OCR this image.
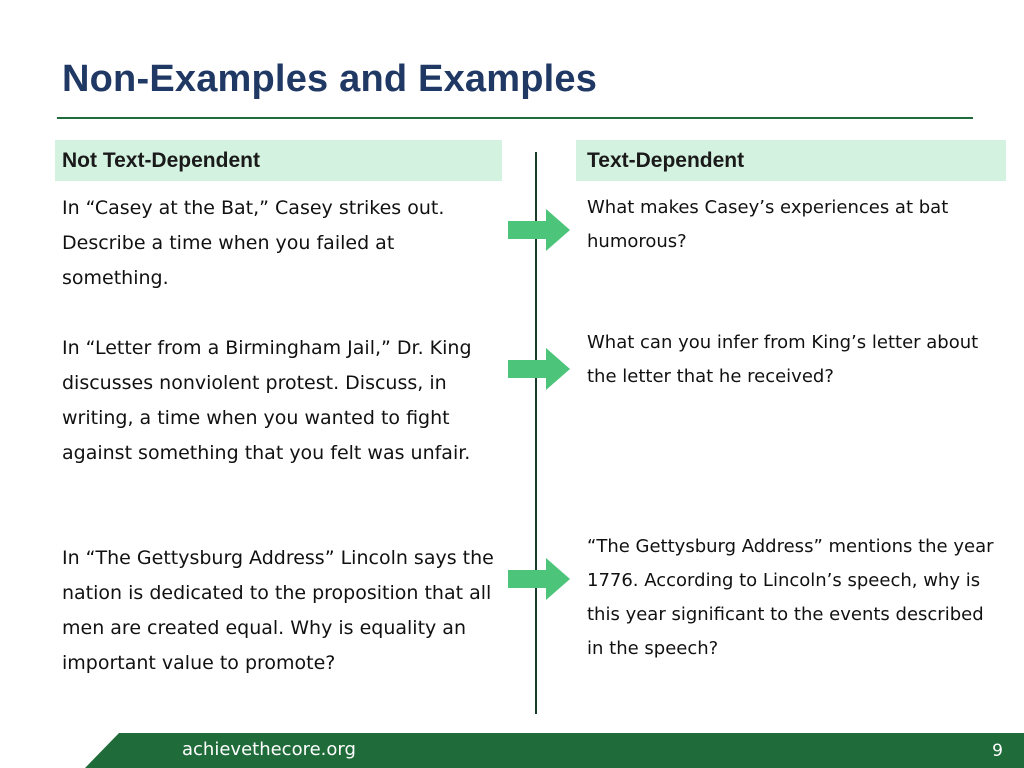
Non-Examples and Examples
Not Text-Dependent	Text-Dependent

In “Casey at the Bat,” Casey strikes out. Describe a time when you failed at something.

What makes Casey’s experiences at bat humorous?

In “Letter from a Birmingham Jail,” Dr. King discusses nonviolent protest. Discuss, in writing, a time when you wanted to fight against something that you felt was unfair.

What can you infer from King’s letter about the letter that he received?

In “The Gettysburg Address” Lincoln says the nation is dedicated to the proposition that all men are created equal. Why is equality an important value to promote?

“The Gettysburg Address” mentions the year 1776. According to Lincoln’s speech, why is this year significant to the events described in the speech?

achievethecore.org	9
